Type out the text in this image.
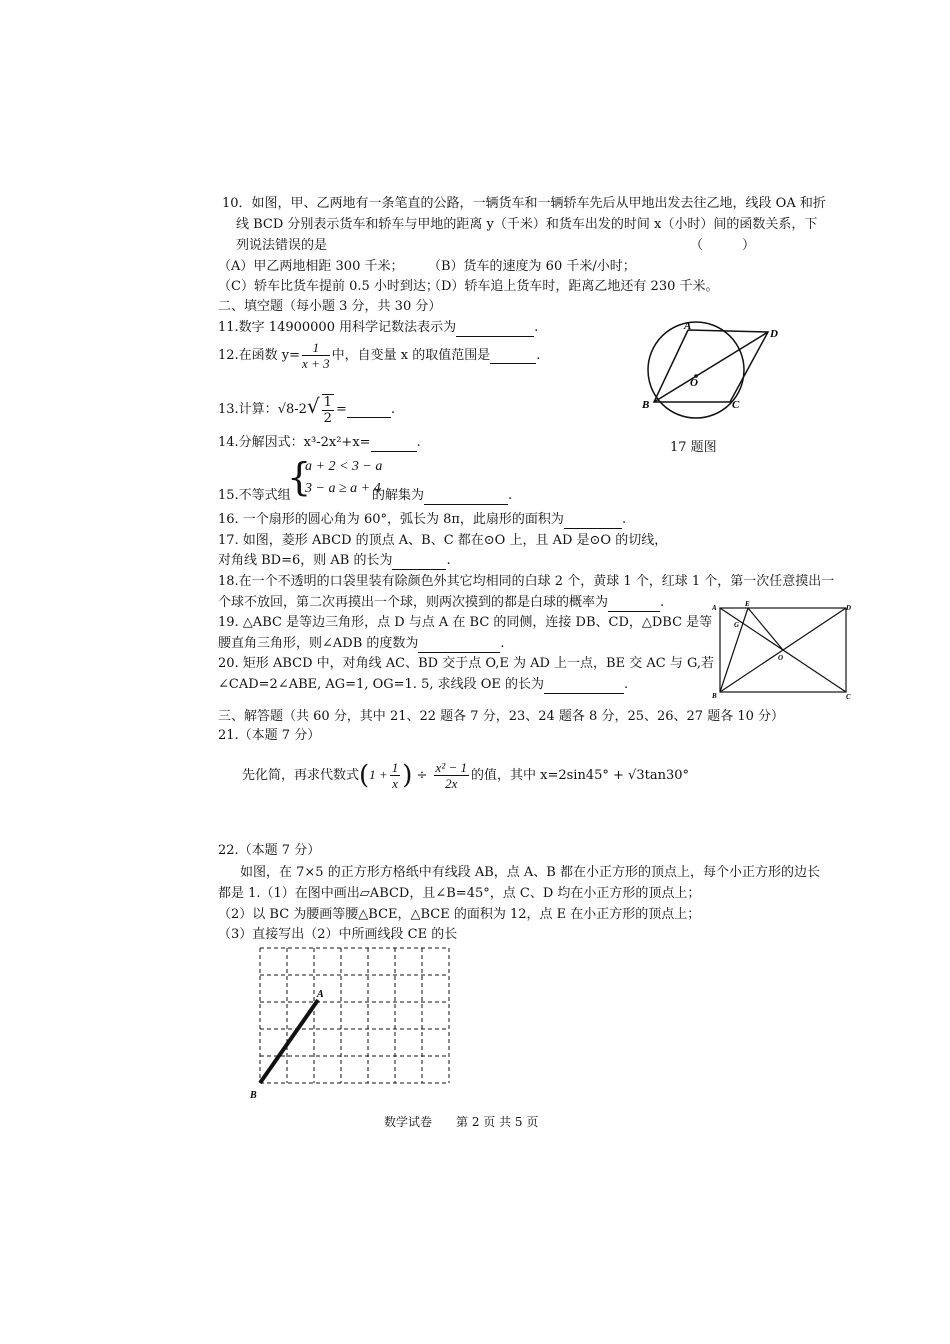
10．如图，甲、乙两地有一条笔直的公路，一辆货车和一辆轿车先后从甲地出发去往乙地，线段 OA 和折
线 BCD 分别表示货车和轿车与甲地的距离 y（千米）和货车出发的时间 x（小时）间的函数关系，下
列说法错误的是	（　　　）
（A）甲乙两地相距 300 千米； （B）货车的速度为 60 千米/小时；
（C）轿车比货车提前 0.5 小时到达；
（D）轿车追上货车时，距离乙地还有 230 千米。
二、填空题（每小题 3 分，共 30 分）
11.数字 14900000 用科学记数法表示为	.
12.在函数 $y= \frac{1}{x + 3}$ 中，自变量 x 的取值范围是	.
13.计算：$√8-2√ \frac{1}{2}$ =	.
14.分解因式：x³-2x²+x=	.
{
a + 2 < 3 − a
3 − a ≥ a + 4
15.不等式组	的解集为	.
16. 一个扇形的圆心角为 60°，弧长为 8π，此扇形的面积为	.
17. 如图，菱形 ABCD 的顶点 A、B、C 都在⊙O 上，且 AD 是⊙O 的切线，
对角线 BD=6，则 AB 的长为	.
18.在一个不透明的口袋里装有除颜色外其它均相同的白球 2 个，黄球 1 个，红球 1 个，第一次任意摸出一
个球不放回，第二次再摸出一个球，则两次摸到的都是白球的概率为	.
19. △ABC 是等边三角形，点 D 与点 A 在 BC 的同侧，连接 DB、CD，△DBC 是等
腰直角三角形，则∠ADB 的度数为	.
20. 矩形 ABCD 中，对角线 AC、BD 交于点 O,E 为 AD 上一点，BE 交 AC 与 G,若
∠CAD=2∠ABE, AG=1, OG=1. 5, 求线段 OE 的长为	.
A
D
O
B	C
17 题图
A	E	D
G
O
B	C
三、解答题（共 60 分，其中 21、22 题各 7 分，23、24 题各 8 分，25、26、27 题各 10 分）
21.（本题 7 分）
先化简，再求代数式($1 + \frac{1}{x}$ ) ÷ $\frac{\text{x² − 1}}{2x}$ 的值，其中 x=2sin45° + √3tan30°
22.（本题 7 分）
如图，在 7×5 的正方形方格纸中有线段 AB，点 A、B 都在小正方形的顶点上，每个小正方形的边长
都是 1.（1）在图中画出▱ABCD，且∠B=45°，点 C、D 均在小正方形的顶点上；
（2）以 BC 为腰画等腰△BCE，△BCE 的面积为 12，点 E 在小正方形的顶点上；
（3）直接写出（2）中所画线段 CE 的长
A
B
数学试卷　　第 2 页 共 5 页
